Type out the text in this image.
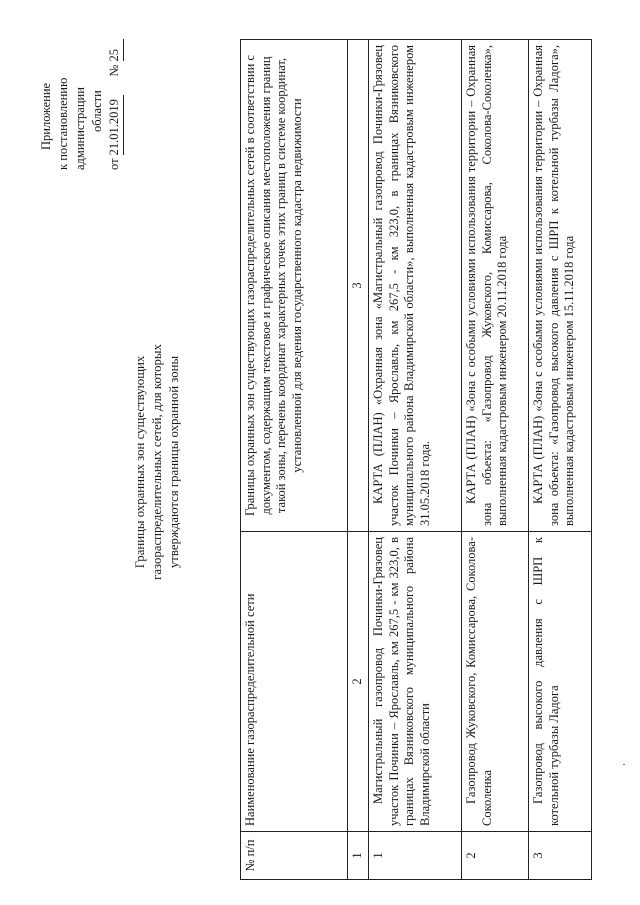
Приложение к постановлению администрации области
от 21.01.2019      № 25
Границы охранных зон существующих газораспределительных сетей, для которых утверждаются границы охранной зоны
№ п/п	Наименование газораспределительной сети	Границы охранных зон существующих газораспределительных сетей в соответствии с документом, содержащим текстовое и графическое описания местоположения границ такой зоны, перечень координат характерных точек этих границ в системе координат, установленной для ведения государственного кадастра недвижимости
1	2	3
1	Магистральный газопровод Починки-Грязовец участок Починки – Ярославль, км 267,5 - км 323,0, в границах Вязниковского муниципального района Владимирской области	КАРТА (ПЛАН) «Охранная зона «Магистральный газопровод Починки-Грязовец участок Починки – Ярославль, км 267,5 - км 323,0, в границах Вязниковского муниципального района Владимирской области», выполненная кадастровым инженером 31.05.2018 года.
2	Газопровод Жуковского, Комиссарова, Соколова-Соколенка	КАРТА (ПЛАН) «Зона с особыми условиями использования территории – Охранная зона объекта: «Газопровод Жуковского, Комиссарова, Соколова-Соколенка», выполненная кадастровым инженером 20.11.2018 года
3	Газопровод высокого давления с ШРП к котельной турбазы Ладога	КАРТА (ПЛАН) «Зона с особыми условиями использования территории – Охранная зона объекта: «Газопровод высокого давления с ШРП к котельной турбазы Ладога», выполненная кадастровым инженером 15.11.2018 года
